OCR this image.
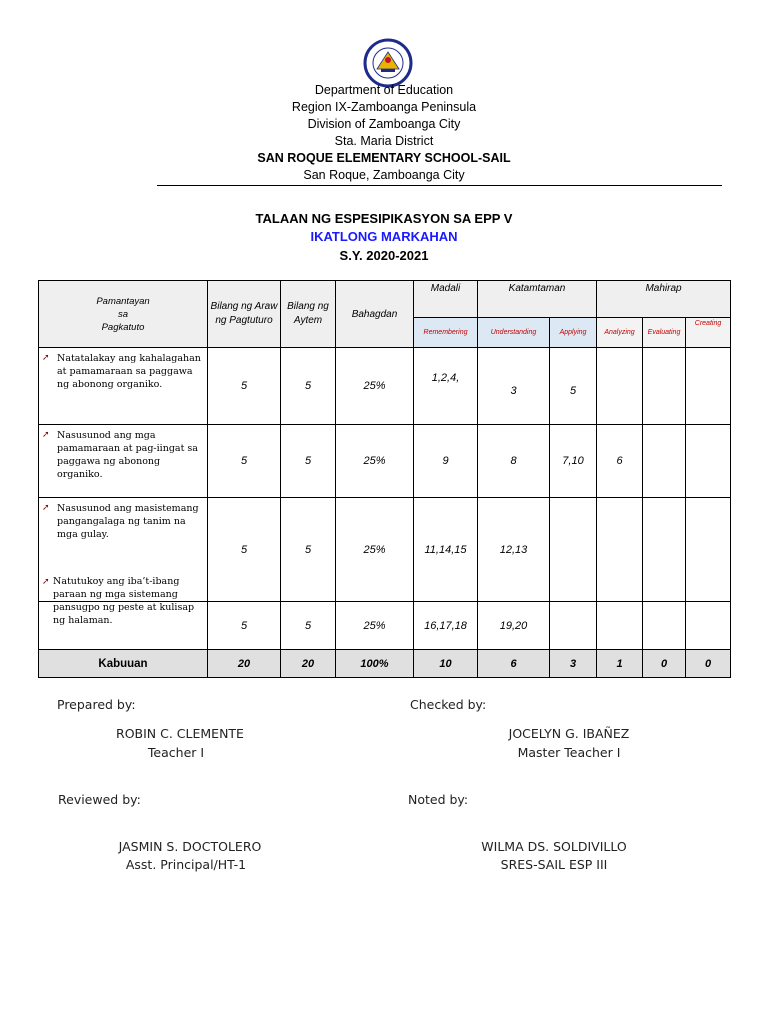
Department of Education
Region IX-Zamboanga Peninsula
Division of Zamboanga City
Sta. Maria District
SAN ROQUE ELEMENTARY SCHOOL-SAIL
San Roque, Zamboanga City
TALAAN NG ESPESIPIKASYON SA EPP V
IKATLONG MARKAHAN
S.Y. 2020-2021
Pamantayan
sa
Pagkatuto	Bilang ng Araw ng Pagtuturo	Bilang ng Aytem	Bahagdan	Madali	Katamtaman		Mahirap		
				Remembering	Understanding	Applying	Analyzing	Evaluating	Creating

➚ Natatalakay ang kahalagahan at pamamaraan sa paggawa ng abonong organiko.	5	5	25%	1,2,4,	3	5			

➚ Nasusunod ang mga pamamaraan at pag-iingat sa paggawa ng abonong organiko.	5	5	25%	9	8	7,10	6		

➚ Nasusunod ang masistemang pangangalaga ng tanim na mga gulay.	5	5	25%	11,14,15	12,13				

➚ Natutukoy ang iba’t-ibang paraan ng mga sistemang pansugpo ng peste at kulisap ng halaman.	5	5	25%	16,17,18	19,20				
Kabuuan	20	20	100%	10	6	3	1	0	0
Prepared by:
ROBIN C. CLEMENTE
Teacher I
Checked by:
JOCELYN G. IBAÑEZ
Master Teacher I
Reviewed by:
JASMIN S. DOCTOLERO
Asst. Principal/HT-1
Noted by:
WILMA DS. SOLDIVILLO
SRES-SAIL ESP III
